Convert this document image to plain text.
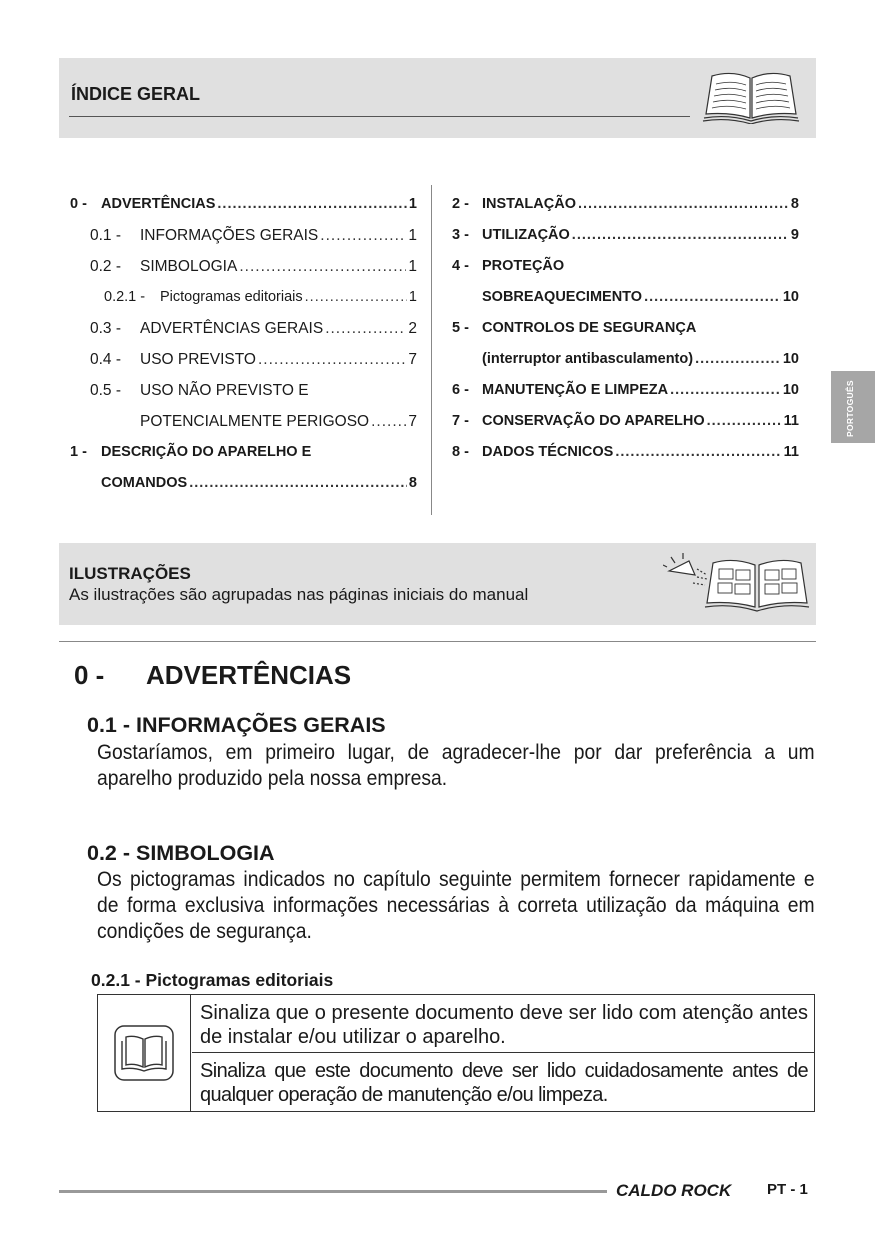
ÍNDICE GERAL
0 - ADVERTÊNCIAS .....	1
0.1 -	INFORMAÇÕES GERAIS .....	1
0.2 -	SIMBOLOGIA .....	1
0.2.1 -	Pictogramas editoriais .....	1
0.3 -	ADVERTÊNCIAS GERAIS .....	2
0.4 -	USO PREVISTO .....	7
0.5 -	USO NÃO PREVISTO E
POTENCIALMENTE PERIGOSO .....	7
1 - DESCRIÇÃO DO APARELHO E
COMANDOS .....	8
2 - INSTALAÇÃO .....	8
3 - UTILIZAÇÃO .....	9
4 - PROTEÇÃO
SOBREAQUECIMENTO .....	10
5 - CONTROLOS DE SEGURANÇA
(interruptor antibasculamento) .....	10
6 - MANUTENÇÃO E LIMPEZA .....	10
7 - CONSERVAÇÃO DO APARELHO .....	11
8 - DADOS TÉCNICOS .....	11
PORTOGUÊS
ILUSTRAÇÕES
As ilustrações são agrupadas nas páginas iniciais do manual
0 - ADVERTÊNCIAS
0.1 - INFORMAÇÕES GERAIS
Gostaríamos, em primeiro lugar, de agradecer-lhe por dar preferência a um aparelho produzido pela nossa empresa.
0.2 - SIMBOLOGIA
Os pictogramas indicados no capítulo seguinte permitem fornecer rapidamente e de forma exclusiva informações necessárias à correta utilização da máquina em condições de segurança.
0.2.1 - Pictogramas editoriais
Sinaliza que o presente documento deve ser lido com atenção antes de instalar e/ou utilizar o aparelho.
Sinaliza que este documento deve ser lido cuidadosamente antes de qualquer operação de manutenção e/ou limpeza.
CALDO ROCK PT - 1
